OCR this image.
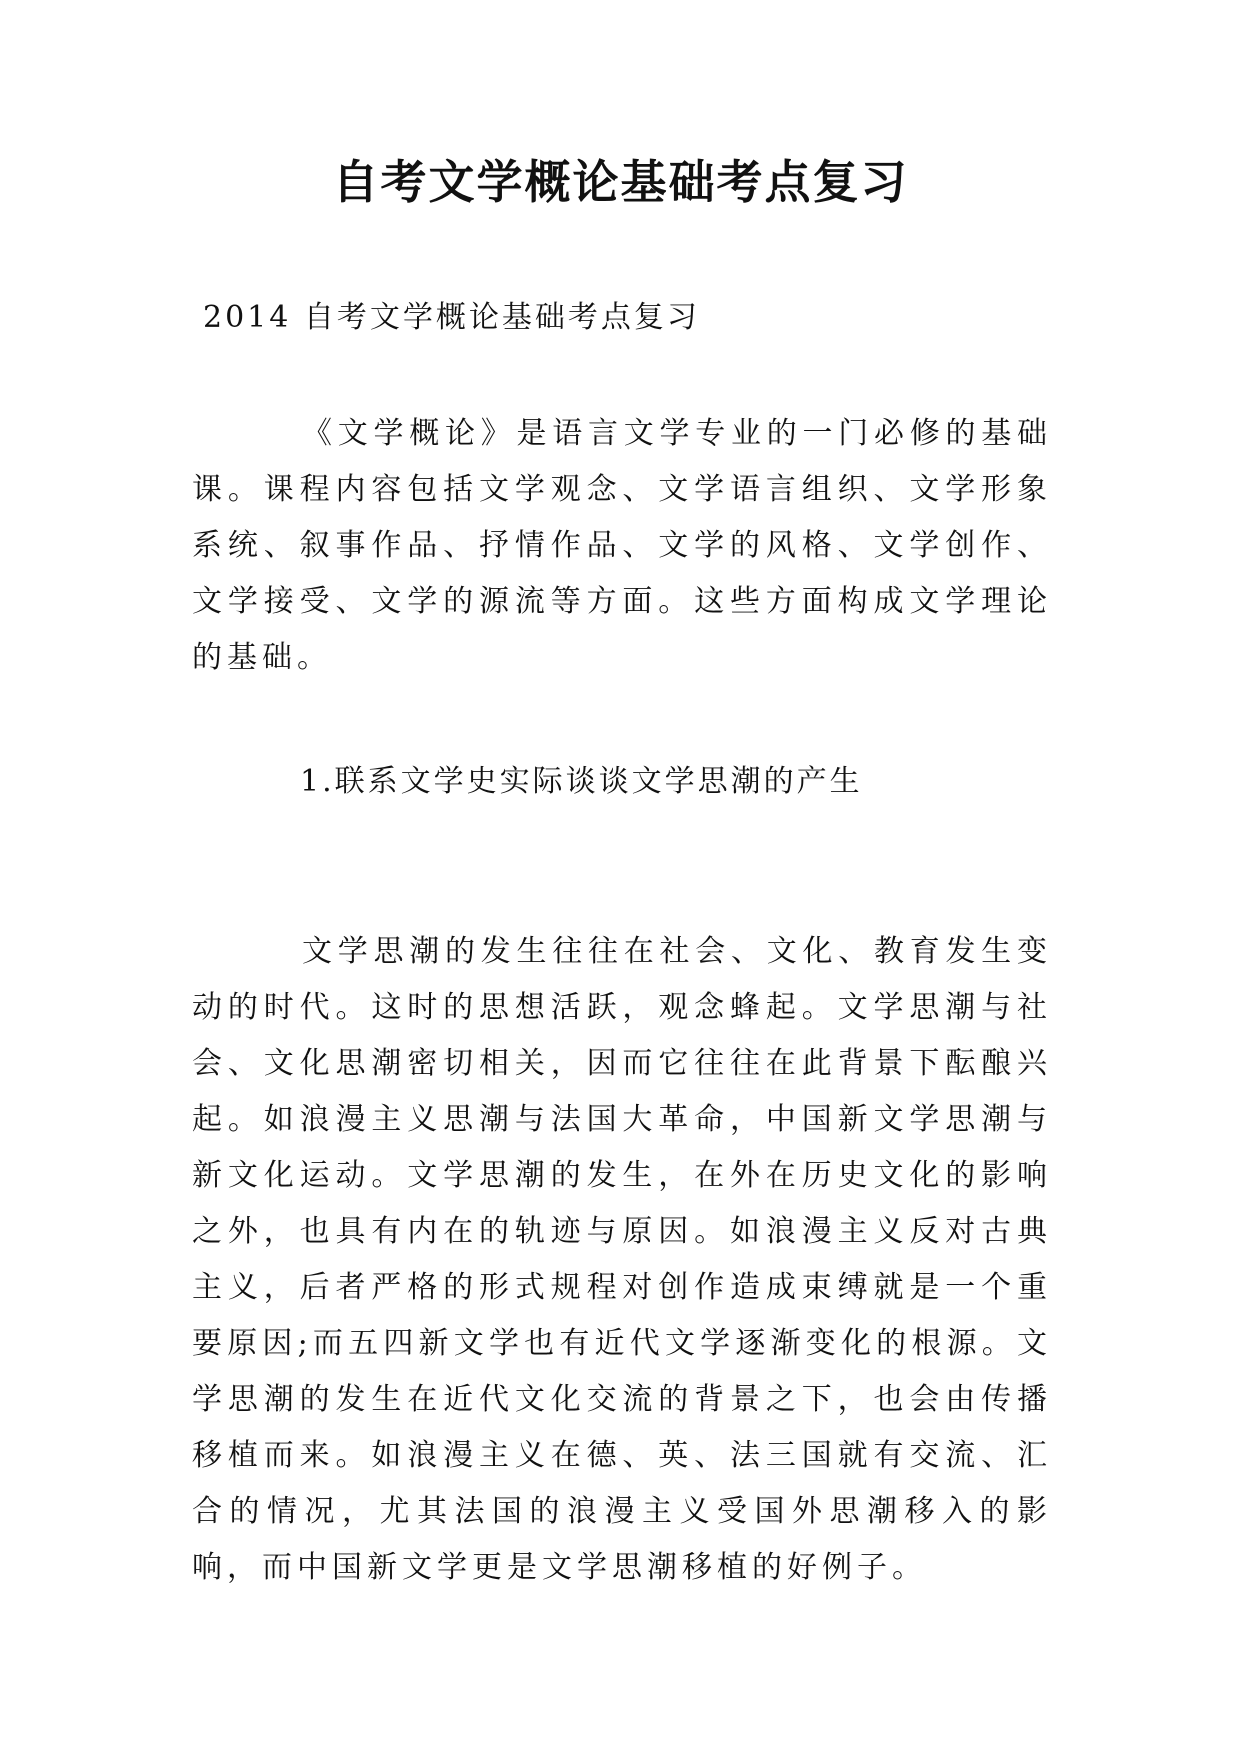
自考文学概论基础考点复习
2014 自考文学概论基础考点复习

《文学概论》是语言文学专业的一门必修的基础课。课程内容包括文学观念、文学语言组织、文学形象系统、叙事作品、抒情作品、文学的风格、文学创作、文学接受、文学的源流等方面。这些方面构成文学理论的基础。

1.联系文学史实际谈谈文学思潮的产生

文学思潮的发生往往在社会、文化、教育发生变动的时代。这时的思想活跃，观念蜂起。文学思潮与社会、文化思潮密切相关，因而它往往在此背景下酝酿兴起。如浪漫主义思潮与法国大革命，中国新文学思潮与新文化运动。文学思潮的发生，在外在历史文化的影响之外，也具有内在的轨迹与原因。如浪漫主义反对古典主义，后者严格的形式规程对创作造成束缚就是一个重要原因;而五四新文学也有近代文学逐渐变化的根源。文学思潮的发生在近代文化交流的背景之下，也会由传播移植而来。如浪漫主义在德、英、法三国就有交流、汇合的情况，尤其法国的浪漫主义受国外思潮移入的影响，而中国新文学更是文学思潮移植的好例子。
